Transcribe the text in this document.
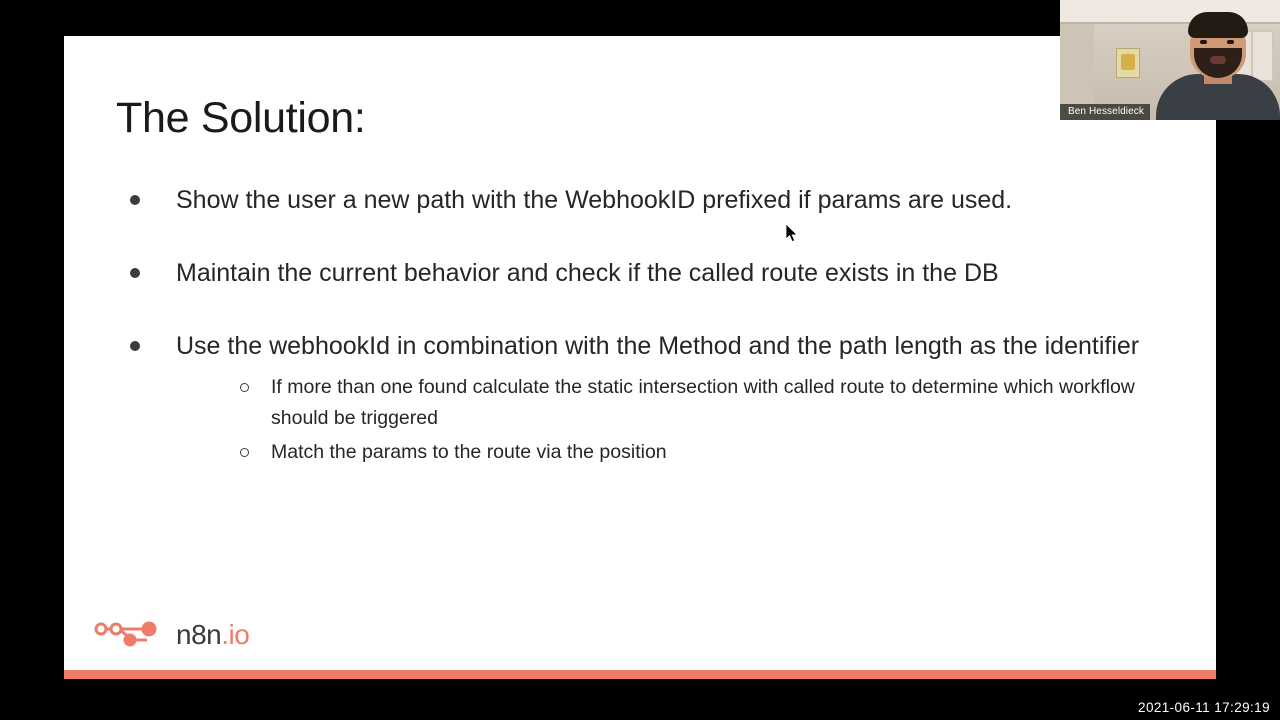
The Solution:
Show the user a new path with the WebhookID prefixed if params are used.
Maintain the current behavior and check if the called route exists in the DB
Use the webhookId in combination with the Method and the path length as the identifier
If more than one found calculate the static intersection with called route to determine which workflow should be triggered
Match the params to the route via the position
n8n.io
Ben Hesseldieck
2021-06-11 17:29:19
